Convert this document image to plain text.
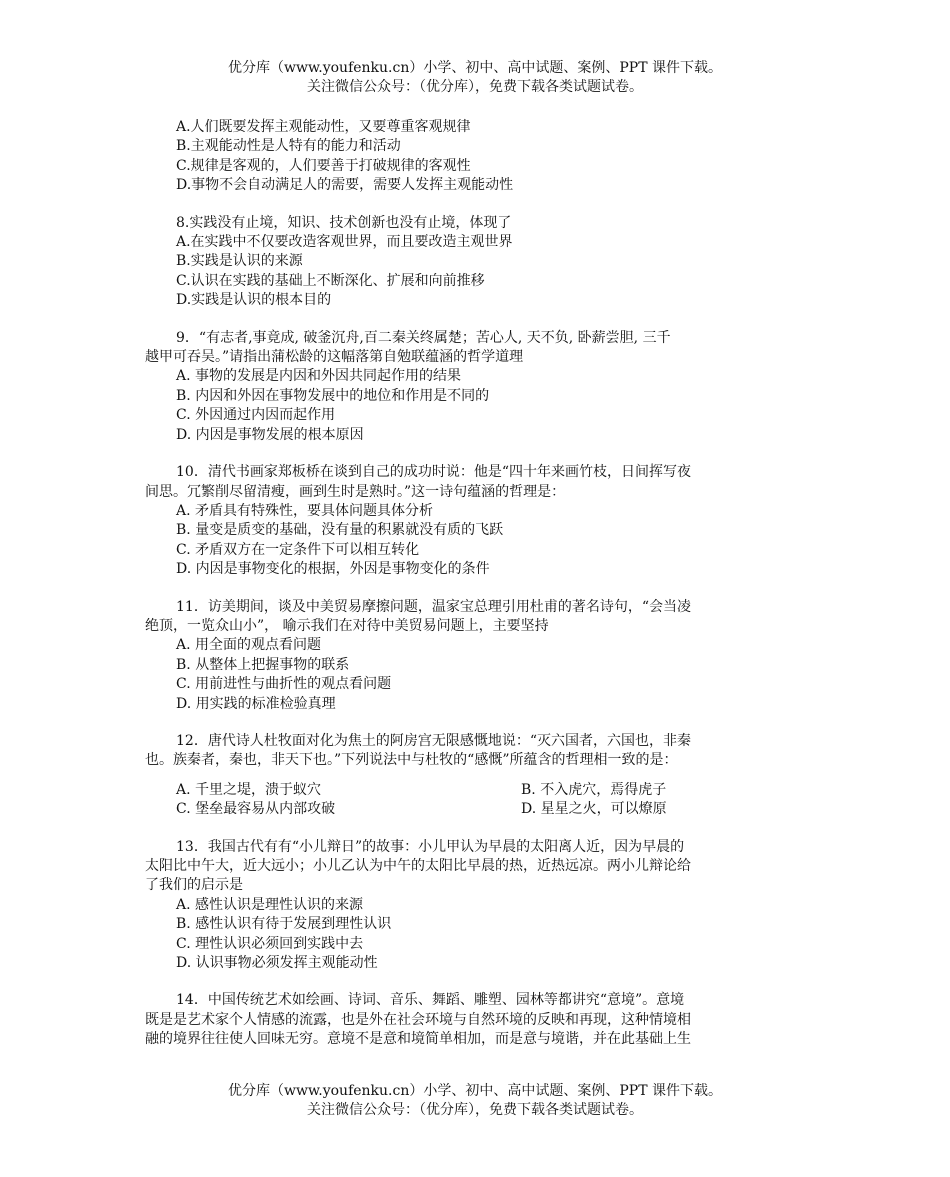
优分库（www.youfenku.cn）小学、初中、高中试题、案例、PPT 课件下载。
关注微信公众号：（优分库），免费下载各类试题试卷。
A.人们既要发挥主观能动性，又要尊重客观规律
B.主观能动性是人特有的能力和活动
C.规律是客观的，人们要善于打破规律的客观性
D.事物不会自动满足人的需要，需要人发挥主观能动性
8.实践没有止境，知识、技术创新也没有止境，体现了
A.在实践中不仅要改造客观世界，而且要改造主观世界
B.实践是认识的来源
C.认识在实践的基础上不断深化、扩展和向前推移
D.实践是认识的根本目的
9．“有志者,事竟成, 破釜沉舟,百二秦关终属楚；苦心人, 天不负, 卧薪尝胆, 三千
越甲可吞吴。”请指出蒲松龄的这幅落第自勉联蕴涵的哲学道理
A. 事物的发展是内因和外因共同起作用的结果
B. 内因和外因在事物发展中的地位和作用是不同的
C. 外因通过内因而起作用
D. 内因是事物发展的根本原因
10．清代书画家郑板桥在谈到自己的成功时说：他是“四十年来画竹枝，日间挥写夜
间思。冗繁削尽留清瘦，画到生时是熟时。”这一诗句蕴涵的哲理是：
A. 矛盾具有特殊性，要具体问题具体分析
B. 量变是质变的基础，没有量的积累就没有质的飞跃
C. 矛盾双方在一定条件下可以相互转化
D. 内因是事物变化的根据，外因是事物变化的条件
11．访美期间，谈及中美贸易摩擦问题，温家宝总理引用杜甫的著名诗句，“会当凌
绝顶，一览众山小”， 喻示我们在对待中美贸易问题上，主要坚持
A. 用全面的观点看问题
B. 从整体上把握事物的联系
C. 用前进性与曲折性的观点看问题
D. 用实践的标准检验真理
12．唐代诗人杜牧面对化为焦土的阿房宫无限感慨地说：“灭六国者，六国也，非秦
也。族秦者，秦也，非天下也。”下列说法中与杜牧的“感慨”所蕴含的哲理相一致的是：
A. 千里之堤，溃于蚁穴	B. 不入虎穴，焉得虎子
C. 堡垒最容易从内部攻破	D. 星星之火，可以燎原
13．我国古代有有“小儿辩日”的故事：小儿甲认为早晨的太阳离人近，因为早晨的
太阳比中午大，近大远小；小儿乙认为中午的太阳比早晨的热，近热远凉。两小儿辩论给
了我们的启示是
A. 感性认识是理性认识的来源
B. 感性认识有待于发展到理性认识
C. 理性认识必须回到实践中去
D. 认识事物必须发挥主观能动性
14．中国传统艺术如绘画、诗词、音乐、舞蹈、雕塑、园林等都讲究“意境”。意境
既是是艺术家个人情感的流露，也是外在社会环境与自然环境的反映和再现，这种情境相
融的境界往往使人回味无穷。意境不是意和境简单相加，而是意与境谐，并在此基础上生
优分库（www.youfenku.cn）小学、初中、高中试题、案例、PPT 课件下载。
关注微信公众号：（优分库），免费下载各类试题试卷。
